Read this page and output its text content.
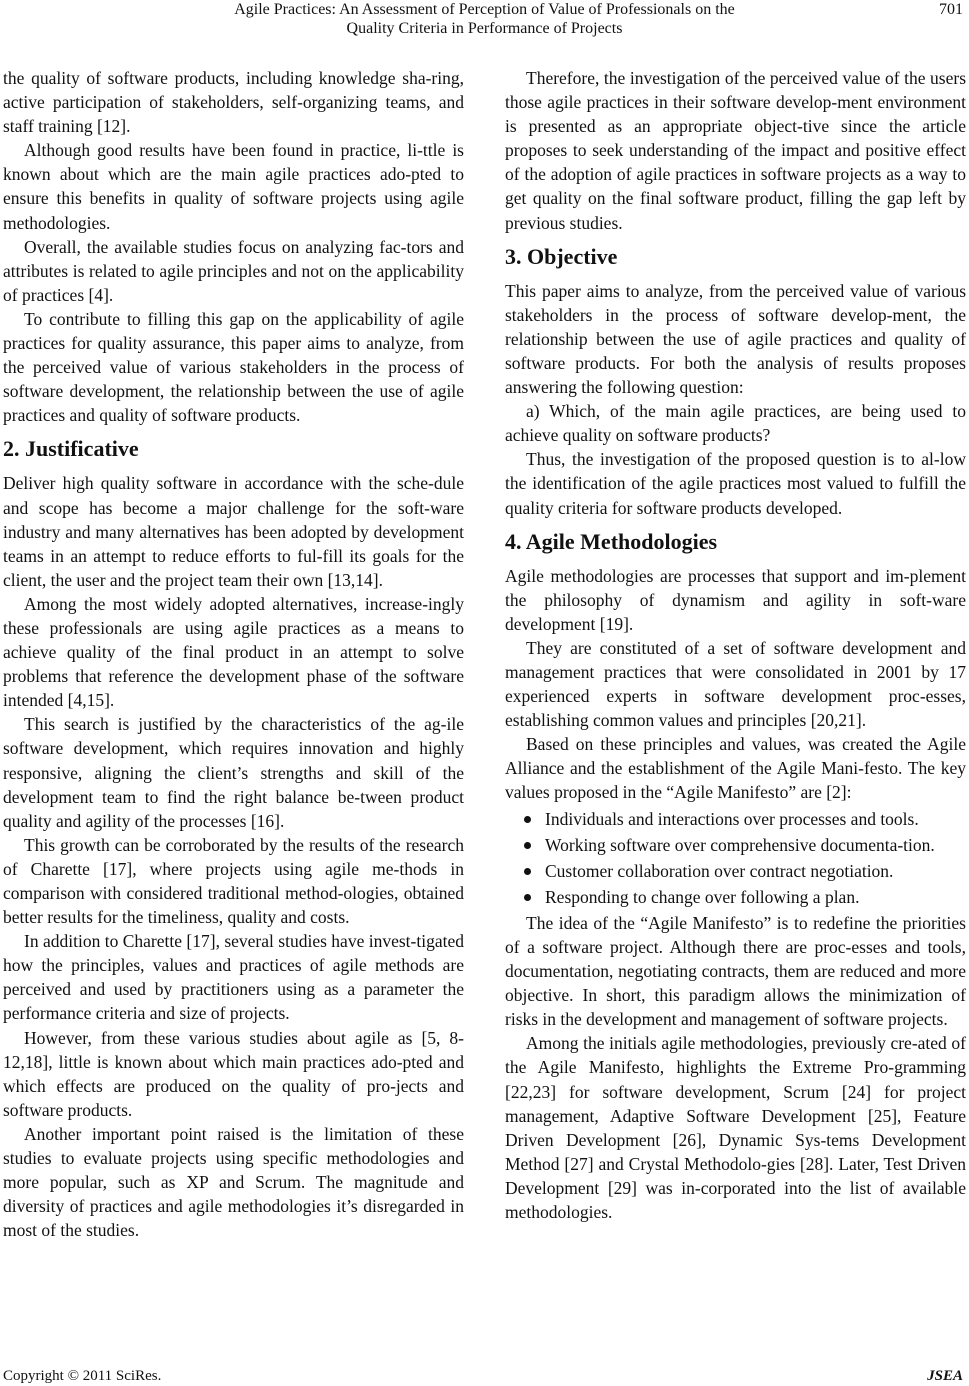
Agile Practices: An Assessment of Perception of Value of Professionals on the
Quality Criteria in Performance of Projects
701

the quality of software products, including knowledge sha-ring, active participation of stakeholders, self-organizing teams, and staff training [12].

Although good results have been found in practice, li-ttle is known about which are the main agile practices ado-pted to ensure this benefits in quality of software projects using agile methodologies.

Overall, the available studies focus on analyzing fac-tors and attributes is related to agile principles and not on the applicability of practices [4].

To contribute to filling this gap on the applicability of agile practices for quality assurance, this paper aims to analyze, from the perceived value of various stakeholders in the process of software development, the relationship between the use of agile practices and quality of software products.

2. Justificative

Deliver high quality software in accordance with the sche-dule and scope has become a major challenge for the soft-ware industry and many alternatives has been adopted by development teams in an attempt to reduce efforts to ful-fill its goals for the client, the user and the project team their own [13,14].

Among the most widely adopted alternatives, increase-ingly these professionals are using agile practices as a means to achieve quality of the final product in an attempt to solve problems that reference the development phase of the software intended [4,15].

This search is justified by the characteristics of the ag-ile software development, which requires innovation and highly responsive, aligning the client’s strengths and skill of the development team to find the right balance be-tween product quality and agility of the processes [16].

This growth can be corroborated by the results of the research of Charette [17], where projects using agile me-thods in comparison with considered traditional method-ologies, obtained better results for the timeliness, quality and costs.

In addition to Charette [17], several studies have invest-tigated how the principles, values and practices of agile methods are perceived and used by practitioners using as a parameter the performance criteria and size of projects.

However, from these various studies about agile as [5, 8-12,18], little is known about which main practices ado-pted and which effects are produced on the quality of pro-jects and software products.

Another important point raised is the limitation of these studies to evaluate projects using specific methodologies and more popular, such as XP and Scrum. The magnitude and diversity of practices and agile methodologies it’s disregarded in most of the studies.

Therefore, the investigation of the perceived value of the users those agile practices in their software develop-ment environment is presented as an appropriate object-tive since the article proposes to seek understanding of the impact and positive effect of the adoption of agile practices in software projects as a way to get quality on the final software product, filling the gap left by previous studies.

3. Objective

This paper aims to analyze, from the perceived value of various stakeholders in the process of software develop-ment, the relationship between the use of agile practices and quality of software products. For both the analysis of results proposes answering the following question:

a) Which, of the main agile practices, are being used to achieve quality on software products?

Thus, the investigation of the proposed question is to al-low the identification of the agile practices most valued to fulfill the quality criteria for software products developed.

4. Agile Methodologies

Agile methodologies are processes that support and im-plement the philosophy of dynamism and agility in soft-ware development [19].

They are constituted of a set of software development and management practices that were consolidated in 2001 by 17 experienced experts in software development proc-esses, establishing common values and principles [20,21].

Based on these principles and values, was created the Agile Alliance and the establishment of the Agile Mani-festo. The key values proposed in the “Agile Manifesto” are [2]:

Individuals and interactions over processes and tools.
Working software over comprehensive documenta-tion.
Customer collaboration over contract negotiation.
Responding to change over following a plan.

The idea of the “Agile Manifesto” is to redefine the priorities of a software project. Although there are proc-esses and tools, documentation, negotiating contracts, them are reduced and more objective. In short, this paradigm allows the minimization of risks in the development and management of software projects.

Among the initials agile methodologies, previously cre-ated of the Agile Manifesto, highlights the Extreme Pro-gramming [22,23] for software development, Scrum [24] for project management, Adaptive Software Development [25], Feature Driven Development [26], Dynamic Sys-tems Development Method [27] and Crystal Methodolo-gies [28]. Later, Test Driven Development [29] was in-corporated into the list of available methodologies.

Copyright © 2011 SciRes.	JSEA
